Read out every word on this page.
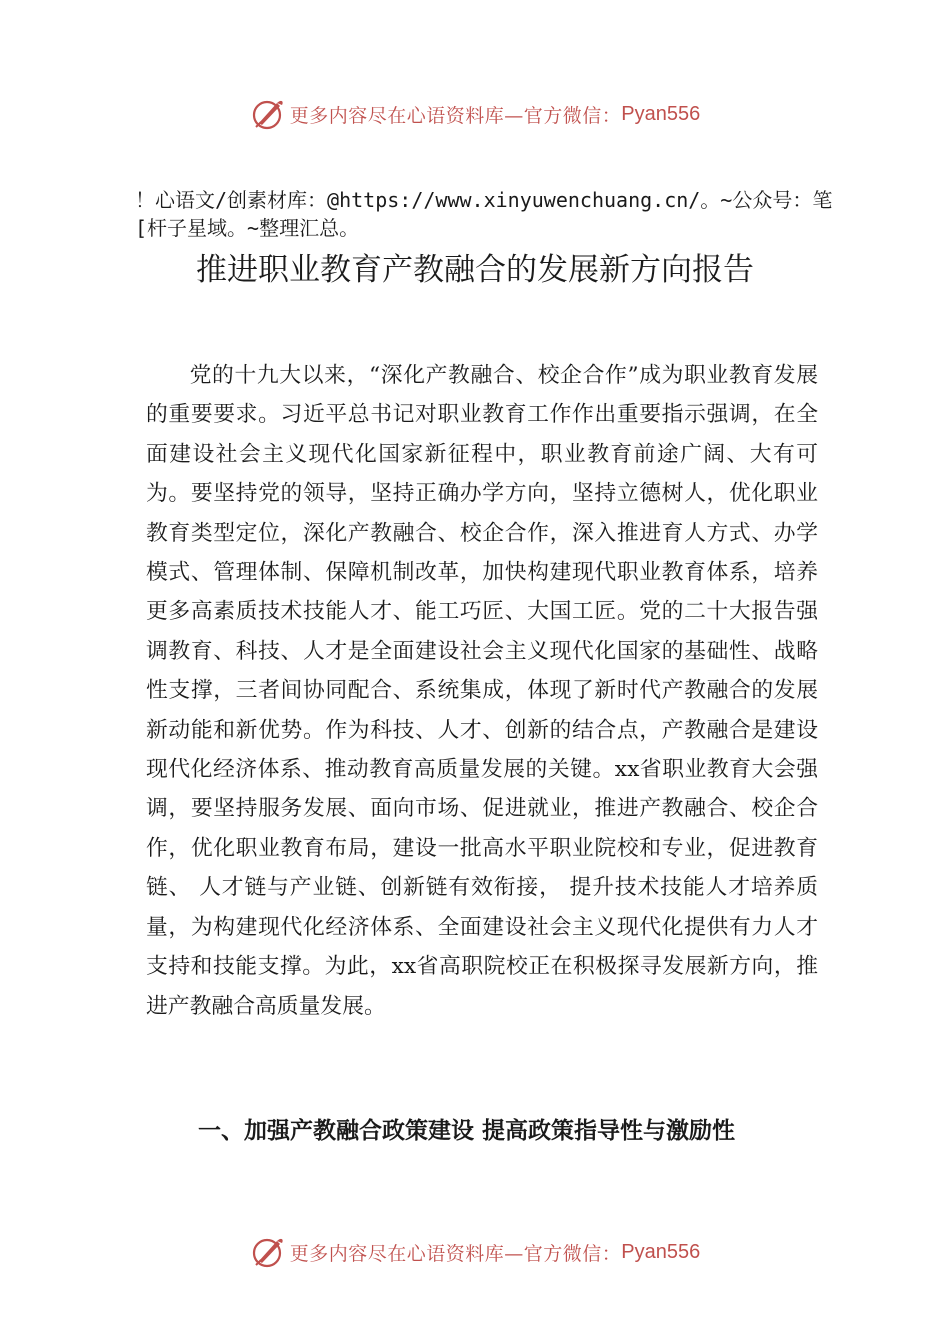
更多内容尽在心语资料库—官方微信： Pyan556
！心语文/创素材库：@https://www.xinyuwenchuang.cn/。~公众号：笔[杆子星域。~整理汇总。
推进职业教育产教融合的发展新方向报告

党的十九大以来，“深化产教融合、校企合作”成为职业教育发展的重要要求。习近平总书记对职业教育工作作出重要指示强调，在全面建设社会主义现代化国家新征程中，职业教育前途广阔、大有可为。要坚持党的领导，坚持正确办学方向，坚持立德树人，优化职业教育类型定位，深化产教融合、校企合作，深入推进育人方式、办学模式、管理体制、保障机制改革，加快构建现代职业教育体系，培养更多高素质技术技能人才、能工巧匠、大国工匠。党的二十大报告强调教育、科技、人才是全面建设社会主义现代化国家的基础性、战略性支撑，三者间协同配合、系统集成，体现了新时代产教融合的发展新动能和新优势。作为科技、人才、创新的结合点，产教融合是建设现代化经济体系、推动教育高质量发展的关键。xx省职业教育大会强调，要坚持服务发展、面向市场、促进就业，推进产教融合、校企合作，优化职业教育布局，建设一批高水平职业院校和专业，促进教育链、 人才链与产业链、创新链有效衔接， 提升技术技能人才培养质量，为构建现代化经济体系、全面建设社会主义现代化提供有力人才支持和技能支撑。为此，xx省高职院校正在积极探寻发展新方向，推进产教融合高质量发展。

一、加强产教融合政策建设 提高政策指导性与激励性
更多内容尽在心语资料库—官方微信： Pyan556
